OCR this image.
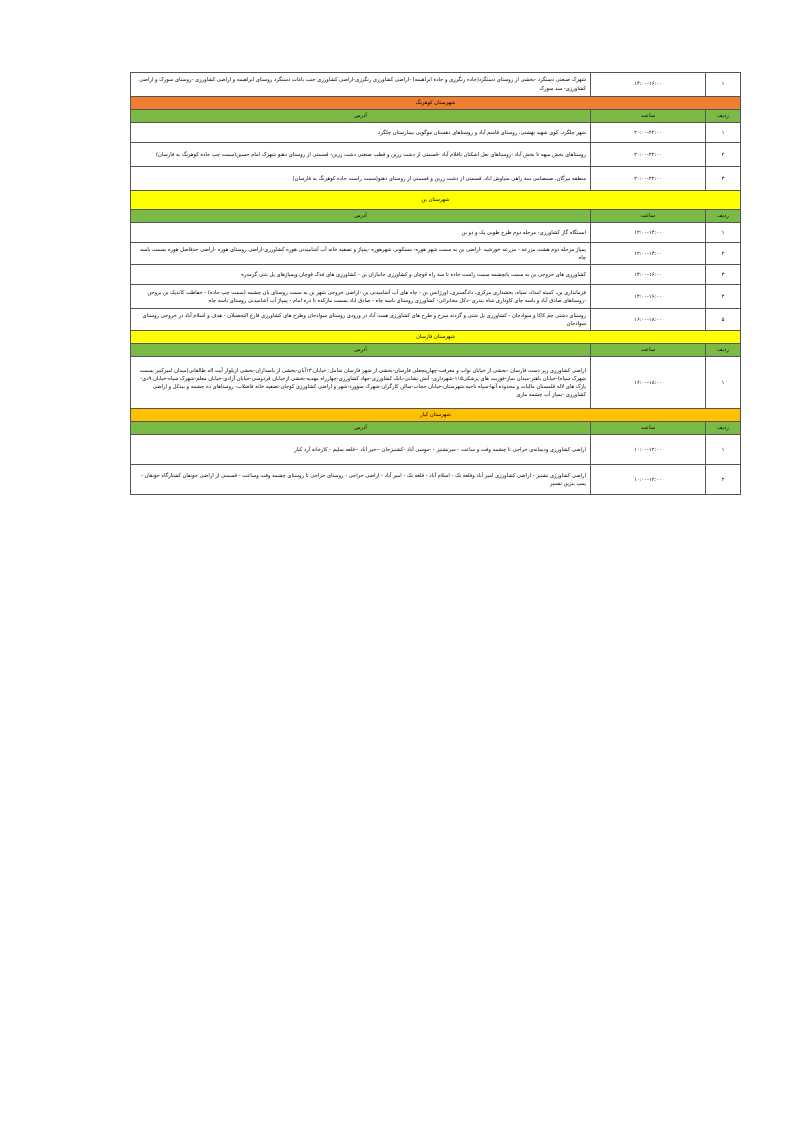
۱	۱۴:۰۰-۱۶:۰۰	شهرک صنعتی دستگرد -بخشی از روستای دستگرد(جاده رنگرزی و جاده ابراهیمه) -اراضی کشاورزی رنگرزی-اراضی کشاورزی جنب باغات دستگرد روستای ابراهیمه و اراضی کشاورزی -روستای سورک و اراضی کشاورزی- سد سورک
شهرستان کوهرنگ		
ردیف	ساعت	آدرس
۱	۲۰:۰۰-۲۲:۰۰	شهر چلگرد، کوی شهید بهشتی، روستای قاسم آباد و روستاهای دهستان موگویی بیمارستان چلگرد
۲	۲۰:۰۰-۲۲:۰۰	روستاهای بخش میهه تا بخش آباد -روستاهای نعل اشکنان تافلام آباد -قسمتی از دشت زرین و قطب صنعتی دشت زرین- قسمتی از روستای دهنو شهرک امام حسین(سمت چپ جاده کوهرنگ به فارسان)
۳	۲۰:۰۰-۲۲:۰۰	منطقه بیرگان، صمصامی سه راهی سیاوش اباد، قسمتی از دشت زرین و قسمتی از روستای دهنو(سمت راست جاده کوهرنگ به فارسان)
شهرستان بن		
ردیف	ساعت	آدرس
۱	۱۲:۰۰-۱۴:۰۰	ایستگاه گاز کشاورزی- مرحله دوم طرح طوبی یک و دو بن
۲	۱۲:۰۰-۱۴:۰۰	پمپاژ مرحله دوم هشت مزرعه - مزرعه خورشید -اراضی بن به سمت شهر هوره- مسکونی شهرهوره -پمپاژ و تصفیه خانه آب آشامیدنی هوره کشاورزی-اراضی روستای هوره -اراضی حدفاصل هوره بسمت باسه چاه
۳	۱۴:۰۰-۱۶:۰۰	کشاورزی های خروجی بن به سمت پانچشمه سمت راست جاده تا سه راه قوچان و کشاورزی جانبازان بن - کشاورزی های فدک قوچان وپمپاژهای پل بتنی گرمدره
۴	۱۴:۰۰-۱۶:۰۰	فرمانداری بن، کمیته امداد، سپاه، بخشداری مرکزی، دادگستری، اورژانس بن - چاه های آب آشامیدنی بن -اراضی خروجی شهر بن به سمت روستای یان چشمه (سمت چپ جاده) - حفاظت کاندیک بن بروجن -روستاهای صادق آباد و باسه چای کاوداری شاه بندری -دکل مخابراتی- کشاورزی روستای باسه چاه - صادق اباد بسمت مارکده تا دره امام - پمپاژ آب آشامیدنی روستای باسه چاه
۵	۱۶:۰۰-۱۸:۰۰	روستای دشتی چم کاکا و سوادجان - کشاورزی پل شتی و گردنه سرخ و طرح های کشاورزی همت آباد در ورودی روستای سوادجان وطرح های کشاورزی فارغ التحصیلان - هدف و اسلام آباد در خروجی روستای سوادجان
شهرستان فارسان		
ردیف	ساعت	آدرس
۱	۱۶:۰۰-۱۸:۰۰	اراضی کشاورزی زیر دست فارسان -بخشی از خیابان نواب و معرفت-چهارپنجعلی فارسان-بخشی از شهر فارسان شامل: خیابان ۱۳آبان-بخشی از پاسداران-بخشی ازبلوار آیت اله طالقانی(میدان امیرکبیر بسمت شهرک سپاه)-خیابان باهنر-میدان نماز-فوریت های پزشکی۱۱۵-شهرداری- آتش نشانی-بانک کشاورزی-جهاد کشاورزی-چهارراه مهدیه-بخشی ازخیابان فردوسی-خیابان آزادی-خیابان معلم-شهرک سپاه-خیابان ۹دی-پارک های لاله قلمستان مالیات و محدوده آنها-سپاه ناحیه شهرستان-خیابان حجاب-سالن کارگران-شهرک سوورد-شهر و اراضی کشاورزی کوجان-تصفیه خانه فاضلاب- روستاهای ده چشمه و بیدکل و اراضی کشاورزی -پمپاژ آب چشمه ماری
شهرستان کیار		
ردیف	ساعت	آدرس
۱	۱۰:۰۰-۱۲:۰۰	اراضی کشاورزی ودیمانه‌ی خراجی تا چشمه وفت و ساعت - سرتشنیز - -موسی آباد -کشنیزجان --خیر آباد --قلعه سلیم - کارخانه آرد کیار
۲	۱۰:۰۰-۱۲:۰۰	اراضی کشاورزی تشنیز - اراضی کشاورزی امیر آباد وقلعه تک - اسلام آباد - قلعه تک - امیر آباد - اراضی خراجی - روستای خراجی تا روستای چشمه وفت وساعت - قسمتی از اراضی جونقان کشتارگاه جونقان - پمپ بنزین تشنیز
